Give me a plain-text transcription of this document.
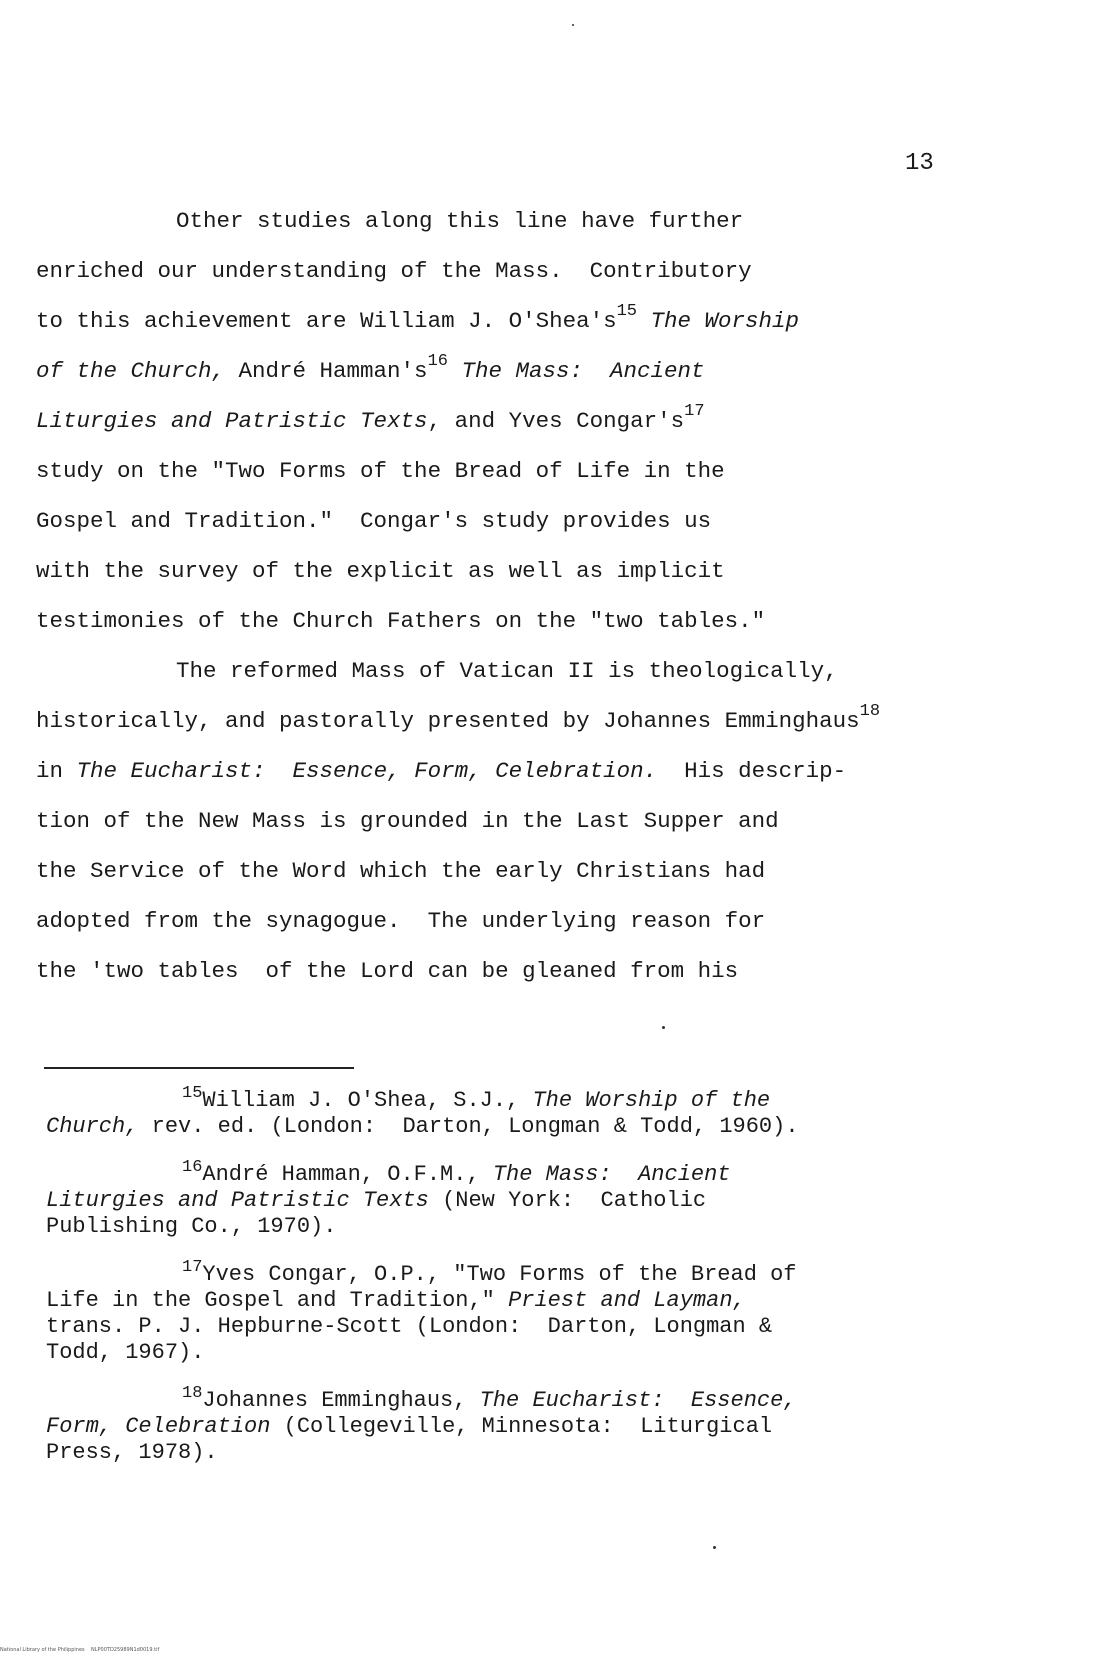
13
Other studies along this line have further
enriched our understanding of the Mass.  Contributory
to this achievement are William J. $O'Shea's^{15}$ The Worship
of the Church, André $Hamman's^{16}$ The Mass:  Ancient
Liturgies and Patristic Texts, and Yves $Congar's^{17}$
study on the "Two Forms of the Bread of Life in the
Gospel and Tradition."  Congar's study provides us
with the survey of the explicit as well as implicit
testimonies of the Church Fathers on the "two tables."
The reformed Mass of Vatican II is theologically,
historically, and pastorally presented by Johannes Emminghaus$^{18}$
in The Eucharist:  Essence, Form, Celebration.  His descrip-
tion of the New Mass is grounded in the Last Supper and
the Service of the Word which the early Christians had
adopted from the synagogue.  The underlying reason for
the 'two tables  of the Lord can be gleaned from his
$^{15}$William J. O'Shea, S.J., The Worship of the
Church, rev. ed. (London:  Darton, Longman & Todd, 1960).
$^{16}$André Hamman, O.F.M., The Mass:  Ancient
Liturgies and Patristic Texts (New York:  Catholic
Publishing Co., 1970).
$^{17}$Yves Congar, O.P., "Two Forms of the Bread of
Life in the Gospel and Tradition," Priest and Layman,
trans. P. J. Hepburne-Scott (London:  Darton, Longman &
Todd, 1967).
$^{18}$Johannes Emminghaus, The Eucharist:  Essence,
Form, Celebration (Collegeville, Minnesota:  Liturgical
Press, 1978).
National Library of the Philippines    NLP00TD25989N1d0019.tif
